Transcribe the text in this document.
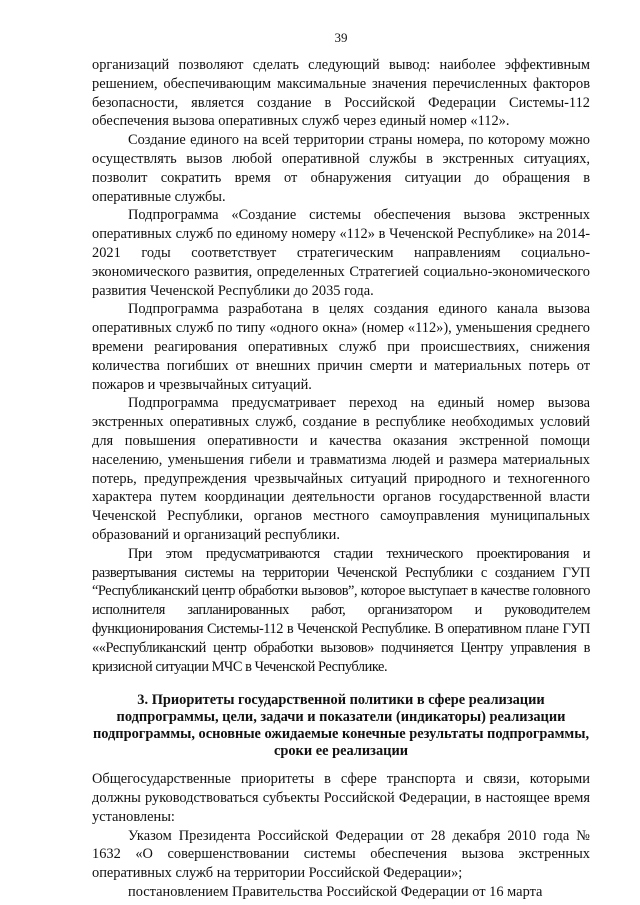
39

организаций позволяют сделать следующий вывод: наиболее эффективным решением, обеспечивающим максимальные значения перечисленных факторов безопасности, является создание в Российской Федерации Системы-112 обеспечения вызова оперативных служб через единый номер «112».

Создание единого на всей территории страны номера, по которому можно осуществлять вызов любой оперативной службы в экстренных ситуациях, позволит сократить время от обнаружения ситуации до обращения в оперативные службы.

Подпрограмма «Создание системы обеспечения вызова экстренных оперативных служб по единому номеру «112» в Чеченской Республике» на 2014-2021 годы соответствует стратегическим направлениям социально-экономического развития, определенных Стратегией социально-экономического развития Чеченской Республики до 2035 года.

Подпрограмма разработана в целях создания единого канала вызова оперативных служб по типу «одного окна» (номер «112»), уменьшения среднего времени реагирования оперативных служб при происшествиях, снижения количества погибших от внешних причин смерти и материальных потерь от пожаров и чрезвычайных ситуаций.

Подпрограмма предусматривает переход на единый номер вызова экстренных оперативных служб, создание в республике необходимых условий для повышения оперативности и качества оказания экстренной помощи населению, уменьшения гибели и травматизма людей и размера материальных потерь, предупреждения чрезвычайных ситуаций природного и техногенного характера путем координации деятельности органов государственной власти Чеченской Республики, органов местного самоуправления муниципальных образований и организаций республики.

При этом предусматриваются стадии технического проектирования и развертывания системы на территории Чеченской Республики с созданием ГУП “Республиканский центр обработки вызовов”, которое выступает в качестве головного исполнителя запланированных работ, организатором и руководителем функционирования Системы-112 в Чеченской Республике. В оперативном плане ГУП ««Республиканский центр обработки вызовов» подчиняется Центру управления в кризисной ситуации МЧС в Чеченской Республике.

3. Приоритеты государственной политики в сфере реализации подпрограммы, цели, задачи и показатели (индикаторы) реализации подпрограммы, основные ожидаемые конечные результаты подпрограммы, сроки ее реализации

Общегосударственные приоритеты в сфере транспорта и связи, которыми должны руководствоваться субъекты Российской Федерации, в настоящее время установлены:

Указом Президента Российской Федерации от 28 декабря 2010 года № 1632 «О совершенствовании системы обеспечения вызова экстренных оперативных служб на территории Российской Федерации»;

постановлением Правительства Российской Федерации от 16 марта
